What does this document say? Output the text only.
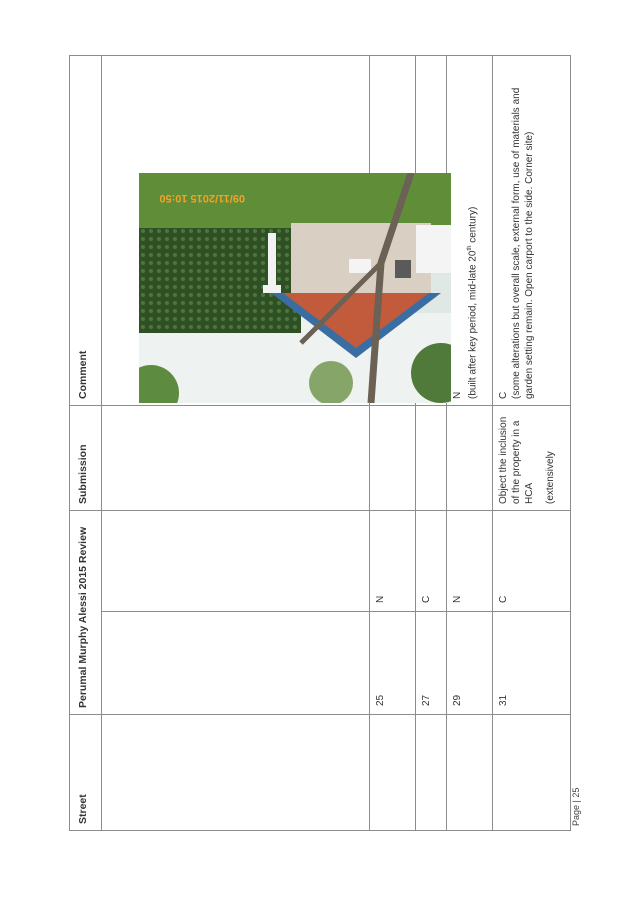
Street	Perumal Murphy Alessi 2015 Review		Submission	Comment

09/11/2015 10:50

	25	N		

	27	C		

	29	N		N (built after key period, mid-late 20th century)

	31	C	Object the inclusion of the property in a HCA (extensively	C (some alterations but overall scale, external form, use of materials and garden setting remain. Open carport to the side. Corner site)
Page | 25
